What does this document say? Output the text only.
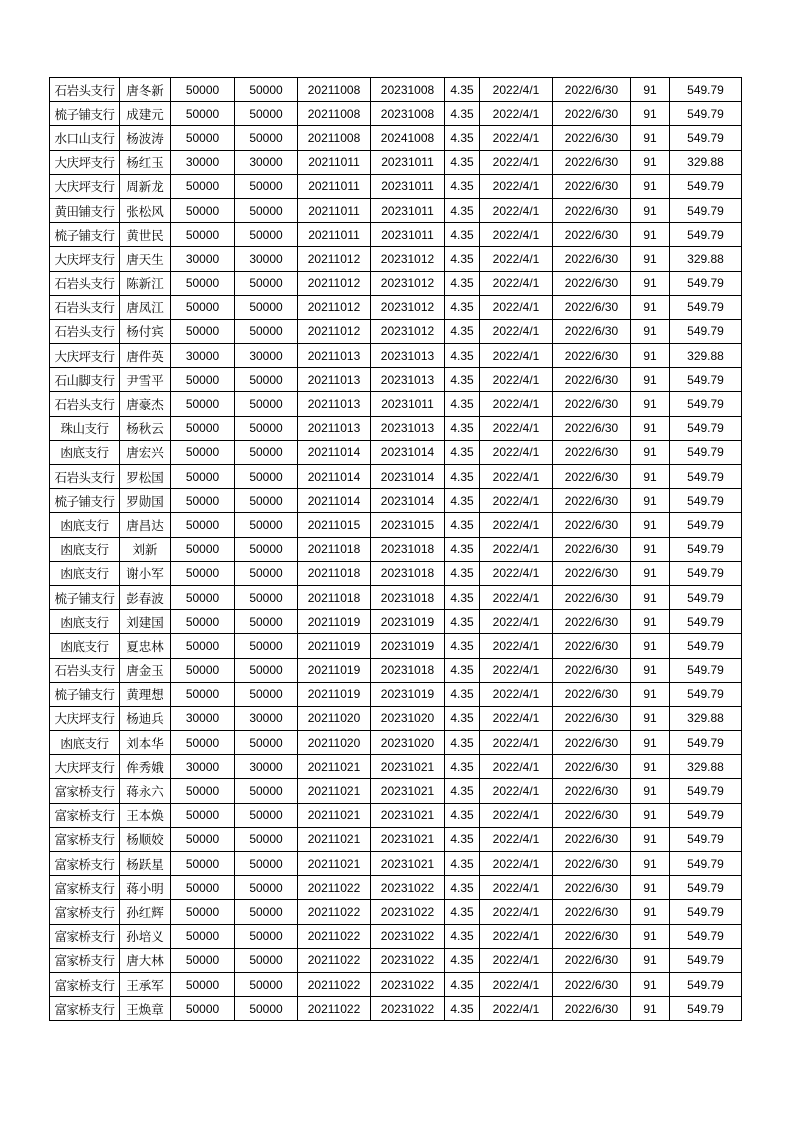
石岩头支行	唐冬新	50000	50000	20211008	20231008	4.35	2022/4/1	2022/6/30	91	549.79
梳子铺支行	成建元	50000	50000	20211008	20231008	4.35	2022/4/1	2022/6/30	91	549.79
水口山支行	杨波涛	50000	50000	20211008	20241008	4.35	2022/4/1	2022/6/30	91	549.79
大庆坪支行	杨红玉	30000	30000	20211011	20231011	4.35	2022/4/1	2022/6/30	91	329.88
大庆坪支行	周新龙	50000	50000	20211011	20231011	4.35	2022/4/1	2022/6/30	91	549.79
黄田铺支行	张松风	50000	50000	20211011	20231011	4.35	2022/4/1	2022/6/30	91	549.79
梳子铺支行	黄世民	50000	50000	20211011	20231011	4.35	2022/4/1	2022/6/30	91	549.79
大庆坪支行	唐天生	30000	30000	20211012	20231012	4.35	2022/4/1	2022/6/30	91	329.88
石岩头支行	陈新江	50000	50000	20211012	20231012	4.35	2022/4/1	2022/6/30	91	549.79
石岩头支行	唐凤江	50000	50000	20211012	20231012	4.35	2022/4/1	2022/6/30	91	549.79
石岩头支行	杨付宾	50000	50000	20211012	20231012	4.35	2022/4/1	2022/6/30	91	549.79
大庆坪支行	唐件英	30000	30000	20211013	20231013	4.35	2022/4/1	2022/6/30	91	329.88
石山脚支行	尹雪平	50000	50000	20211013	20231013	4.35	2022/4/1	2022/6/30	91	549.79
石岩头支行	唐豪杰	50000	50000	20211013	20231011	4.35	2022/4/1	2022/6/30	91	549.79
珠山支行	杨秋云	50000	50000	20211013	20231013	4.35	2022/4/1	2022/6/30	91	549.79
凼底支行	唐宏兴	50000	50000	20211014	20231014	4.35	2022/4/1	2022/6/30	91	549.79
石岩头支行	罗松国	50000	50000	20211014	20231014	4.35	2022/4/1	2022/6/30	91	549.79
梳子铺支行	罗勋国	50000	50000	20211014	20231014	4.35	2022/4/1	2022/6/30	91	549.79
凼底支行	唐昌达	50000	50000	20211015	20231015	4.35	2022/4/1	2022/6/30	91	549.79
凼底支行	刘新	50000	50000	20211018	20231018	4.35	2022/4/1	2022/6/30	91	549.79
凼底支行	谢小军	50000	50000	20211018	20231018	4.35	2022/4/1	2022/6/30	91	549.79
梳子铺支行	彭春波	50000	50000	20211018	20231018	4.35	2022/4/1	2022/6/30	91	549.79
凼底支行	刘建国	50000	50000	20211019	20231019	4.35	2022/4/1	2022/6/30	91	549.79
凼底支行	夏忠林	50000	50000	20211019	20231019	4.35	2022/4/1	2022/6/30	91	549.79
石岩头支行	唐金玉	50000	50000	20211019	20231018	4.35	2022/4/1	2022/6/30	91	549.79
梳子铺支行	黄理想	50000	50000	20211019	20231019	4.35	2022/4/1	2022/6/30	91	549.79
大庆坪支行	杨迪兵	30000	30000	20211020	20231020	4.35	2022/4/1	2022/6/30	91	329.88
凼底支行	刘本华	50000	50000	20211020	20231020	4.35	2022/4/1	2022/6/30	91	549.79
大庆坪支行	侔秀娥	30000	30000	20211021	20231021	4.35	2022/4/1	2022/6/30	91	329.88
富家桥支行	蒋永六	50000	50000	20211021	20231021	4.35	2022/4/1	2022/6/30	91	549.79
富家桥支行	王本焕	50000	50000	20211021	20231021	4.35	2022/4/1	2022/6/30	91	549.79
富家桥支行	杨顺姣	50000	50000	20211021	20231021	4.35	2022/4/1	2022/6/30	91	549.79
富家桥支行	杨跃星	50000	50000	20211021	20231021	4.35	2022/4/1	2022/6/30	91	549.79
富家桥支行	蒋小明	50000	50000	20211022	20231022	4.35	2022/4/1	2022/6/30	91	549.79
富家桥支行	孙红辉	50000	50000	20211022	20231022	4.35	2022/4/1	2022/6/30	91	549.79
富家桥支行	孙培义	50000	50000	20211022	20231022	4.35	2022/4/1	2022/6/30	91	549.79
富家桥支行	唐大林	50000	50000	20211022	20231022	4.35	2022/4/1	2022/6/30	91	549.79
富家桥支行	王承军	50000	50000	20211022	20231022	4.35	2022/4/1	2022/6/30	91	549.79
富家桥支行	王焕章	50000	50000	20211022	20231022	4.35	2022/4/1	2022/6/30	91	549.79
